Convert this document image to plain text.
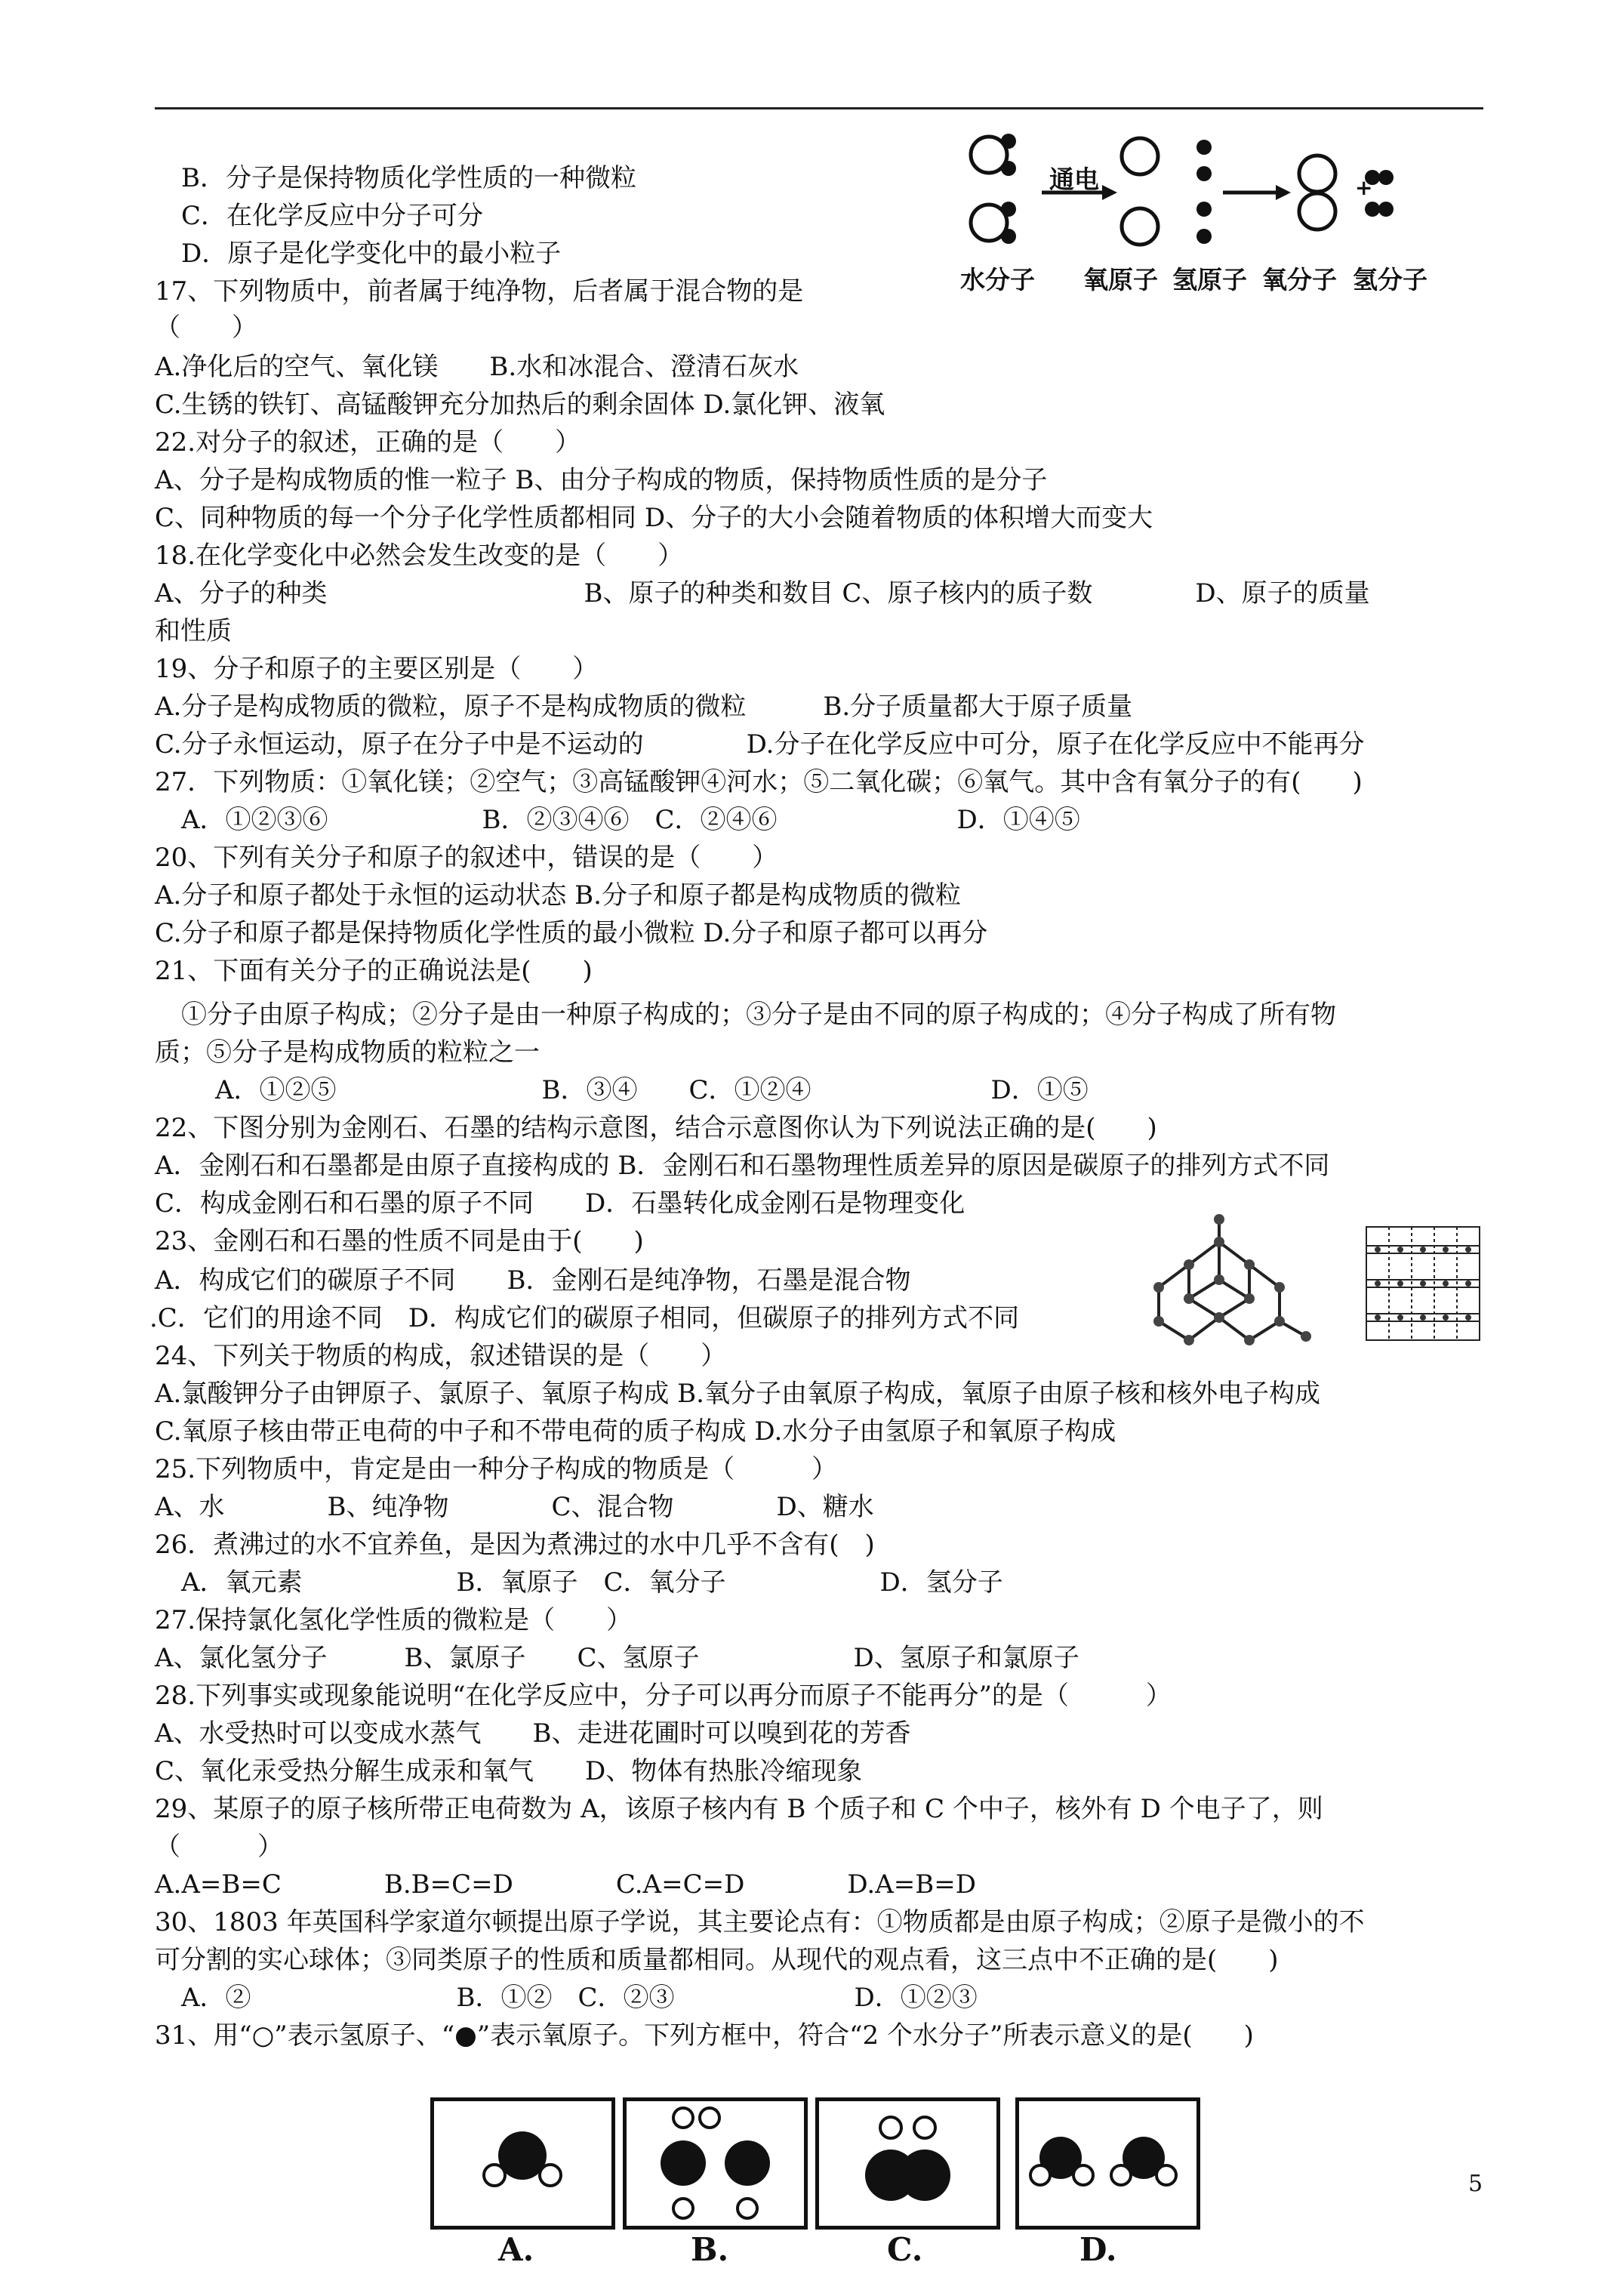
B．分子是保持物质化学性质的一种微粒
C．在化学反应中分子可分
D．原子是化学变化中的最小粒子
17、下列物质中，前者属于纯净物，后者属于混合物的是
（　　）
A.净化后的空气、氧化镁　　B.水和冰混合、澄清石灰水
C.生锈的铁钉、高锰酸钾充分加热后的剩余固体 D.氯化钾、液氧
22.对分子的叙述，正确的是（　　）
A、分子是构成物质的惟一粒子 B、由分子构成的物质，保持物质性质的是分子
C、同种物质的每一个分子化学性质都相同 D、分子的大小会随着物质的体积增大而变大
18.在化学变化中必然会发生改变的是（　　）
A、分子的种类　　　　　　　　　　B、原子的种类和数目 C、原子核内的质子数　　　　D、原子的质量
和性质
19、分子和原子的主要区别是（　　）
A.分子是构成物质的微粒，原子不是构成物质的微粒　　　B.分子质量都大于原子质量
C.分子永恒运动，原子在分子中是不运动的　　　　D.分子在化学反应中可分，原子在化学反应中不能再分
27．下列物质：①氧化镁；②空气；③高锰酸钾④河水；⑤二氧化碳；⑥氧气。其中含有氧分子的有(　　)
A．①②③⑥　　　　　　B．②③④⑥　C．②④⑥　　　　　　　D．①④⑤
20、下列有关分子和原子的叙述中，错误的是（　　）
A.分子和原子都处于永恒的运动状态 B.分子和原子都是构成物质的微粒
C.分子和原子都是保持物质化学性质的最小微粒 D.分子和原子都可以再分
21、下面有关分子的正确说法是(　　)
①分子由原子构成；②分子是由一种原子构成的；③分子是由不同的原子构成的；④分子构成了所有物
质；⑤分子是构成物质的粒粒之一
A．①②⑤　　　　　　　　B．③④　　C．①②④　　　　　　　D．①⑤
22、下图分别为金刚石、石墨的结构示意图，结合示意图你认为下列说法正确的是(　　)
A．金刚石和石墨都是由原子直接构成的 B．金刚石和石墨物理性质差异的原因是碳原子的排列方式不同
C．构成金刚石和石墨的原子不同　　D．石墨转化成金刚石是物理变化
23、金刚石和石墨的性质不同是由于(　　)
A．构成它们的碳原子不同　　B．金刚石是纯净物，石墨是混合物
.C．它们的用途不同　D．构成它们的碳原子相同，但碳原子的排列方式不同
24、下列关于物质的构成，叙述错误的是（　　）
A.氯酸钾分子由钾原子、氯原子、氧原子构成 B.氧分子由氧原子构成，氧原子由原子核和核外电子构成
C.氧原子核由带正电荷的中子和不带电荷的质子构成 D.水分子由氢原子和氧原子构成
25.下列物质中，肯定是由一种分子构成的物质是（　　　）
A、水　　　　B、纯净物　　　　C、混合物　　　　D、糖水
26．煮沸过的水不宜养鱼，是因为煮沸过的水中几乎不含有(　)
A．氧元素　　　　　　B．氧原子　C．氧分子　　　　　　D．氢分子
27.保持氯化氢化学性质的微粒是（　　）
A、氯化氢分子　　　B、氯原子　　C、氢原子　　　　　　D、氢原子和氯原子
28.下列事实或现象能说明“在化学反应中，分子可以再分而原子不能再分”的是（　　　）
A、水受热时可以变成水蒸气　　B、走进花圃时可以嗅到花的芳香
C、氧化汞受热分解生成汞和氧气　　D、物体有热胀冷缩现象
29、某原子的原子核所带正电荷数为 A，该原子核内有 B 个质子和 C 个中子，核外有 D 个电子了，则
（　　　）
A.A=B=C　　　　B.B=C=D　　　　C.A=C=D　　　　D.A=B=D
30、1803 年英国科学家道尔顿提出原子学说，其主要论点有：①物质都是由原子构成；②原子是微小的不
可分割的实心球体；③同类原子的性质和质量都相同。从现代的观点看，这三点中不正确的是(　　)
A．②　　　　　　　　B．①②　C．②③　　　　　　　D．①②③
31、用“○”表示氢原子、“●”表示氧原子。下列方框中，符合“2 个水分子”所表示意义的是(　　)
通电	+
水分子 氧原子 氢原子 氧分子 氢分子
A.	B.	C.	D.
5
